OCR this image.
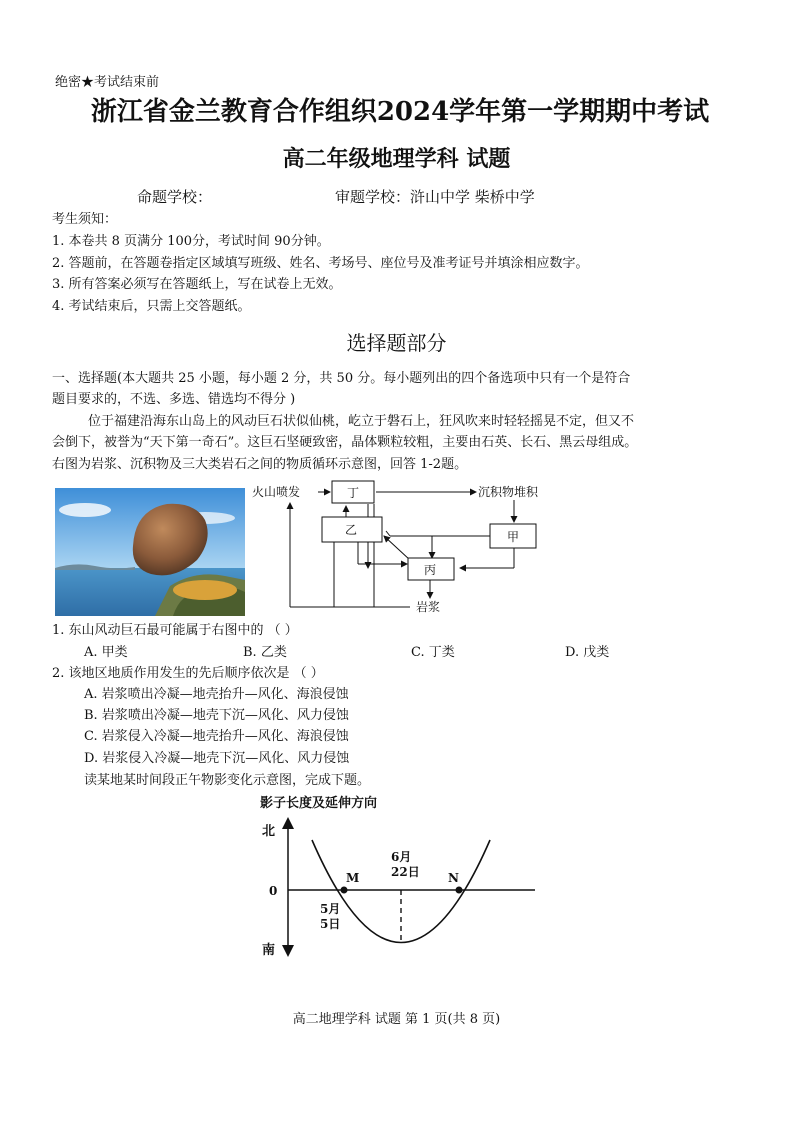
绝密★考试结束前
浙江省金兰教育合作组织2024学年第一学期期中考试
高二年级地理学科 试题
命题学校：	审题学校：浒山中学 柴桥中学
考生须知：
1. 本卷共 8 页满分 100分，考试时间 90分钟。
2. 答题前，在答题卷指定区域填写班级、姓名、考场号、座位号及准考证号并填涂相应数字。
3. 所有答案必须写在答题纸上，写在试卷上无效。
4. 考试结束后，只需上交答题纸。
选择题部分
一、选择题(本大题共 25 小题，每小题 2 分，共 50 分。每小题列出的四个备选项中只有一个是符合
题目要求的，不选、多选、错选均不得分 )
位于福建沿海东山岛上的风动巨石状似仙桃，屹立于磐石上，狂风吹来时轻轻摇晃不定，但又不
会倒下，被誉为“天下第一奇石”。这巨石坚硬致密，晶体颗粒较粗，主要由石英、长石、黑云母组成。
右图为岩浆、沉积物及三大类岩石之间的物质循环示意图，回答 1-2题。
火山喷发	丁
乙
丙
甲
沉积物堆积
岩浆
1. 东山风动巨石最可能属于右图中的 （ ）
A. 甲类	B. 乙类	C. 丁类	D. 戊类
2. 该地区地质作用发生的先后顺序依次是 （ ）
A. 岩浆喷出冷凝—地壳抬升—风化、海浪侵蚀
B. 岩浆喷出冷凝—地壳下沉—风化、风力侵蚀
C. 岩浆侵入冷凝—地壳抬升—风化、海浪侵蚀
D. 岩浆侵入冷凝—地壳下沉—风化、风力侵蚀
读某地某时间段正午物影变化示意图，完成下题。
影子长度及延伸方向
北
南
0
M	N
6月
22日
5月
5日
高二地理学科 试题 第 1 页(共 8 页)
